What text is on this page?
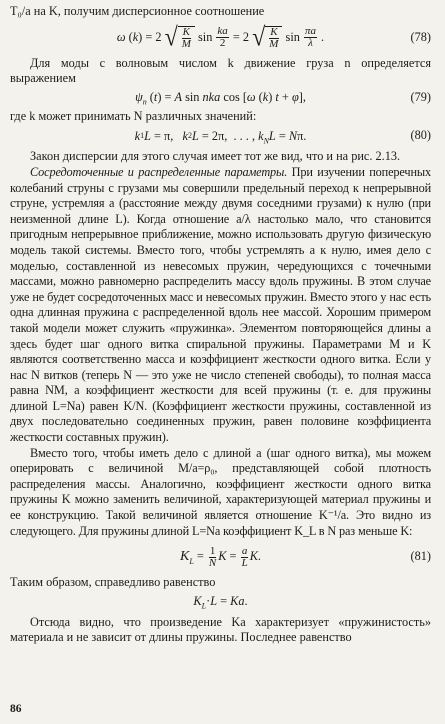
T₀/a на K, получим дисперсионное соотношение

ω ( k ) = 2 √ $\frac{K}{M}$ $\sin \frac{ka}{2} = 2$ √ $\frac{K}{M}$ $\sin \frac{\pi a}{\lambda}$ .	(78)

Для моды с волновым числом k движение груза n определяется выражением

$\psi_n$ ( t ) = A sin nka cos [ ω ( k ) t + φ ],	(79)

где k может принимать N различных значений:

k 1 L = π, k 2 L = 2π,  . . . , $k_NL = N$ π.	(80)

Закон дисперсии для этого случая имеет тот же вид, что и на рис. 2.13.

Сосредоточенные и распределенные параметры. При изучении поперечных колебаний струны с грузами мы совершили предельный переход к непрерывной струне, устремляя a (расстояние между двумя соседними грузами) к нулю (при неизменной длине L). Когда отношение a/λ настолько мало, что становится пригодным непрерывное приближение, можно использовать другую физическую модель такой системы. Вместо того, чтобы устремлять a к нулю, имея дело с моделью, составленной из невесомых пружин, чередующихся с точечными массами, можно равномерно распределить массу вдоль пружины. В этом случае уже не будет сосредоточенных масс и невесомых пружин. Вместо этого у нас есть одна длинная пружина с распределенной вдоль нее массой. Хорошим примером такой модели может служить «пружинка». Элементом повторяющейся длины a здесь будет шаг одного витка спиральной пружины. Параметрами M и K являются соответственно масса и коэффициент жесткости одного витка. Если у нас N витков (теперь N — это уже не число степеней свободы), то полная масса равна NM, а коэффициент жесткости для всей пружины (т. е. для пружины длиной L=Na) равен K/N. (Коэффициент жесткости пружины, составленной из двух последовательно соединенных пружин, равен половине коэффициента жесткости составных пружин).

Вместо того, чтобы иметь дело с длиной a (шаг одного витка), мы можем оперировать с величиной M/a=ρ₀, представляющей собой плотность распределения массы. Аналогично, коэффициент жесткости одного витка пружины K можно заменить величиной, характеризующей материал пружины и ее конструкцию. Такой величиной является отношение K⁻¹/a. Это видно из следующего. Для пружины длиной L=Na коэффициент K_L в N раз меньше K:

$K_L = \frac{1}{N}$ $K = \frac{a}{L}$ K .	(81)

Таким образом, справедливо равенство

$K_L \cdot L = Ka$ .

Отсюда видно, что произведение Ka характеризует «пружинистость» материала и не зависит от длины пружины. Последнее равенство

86
